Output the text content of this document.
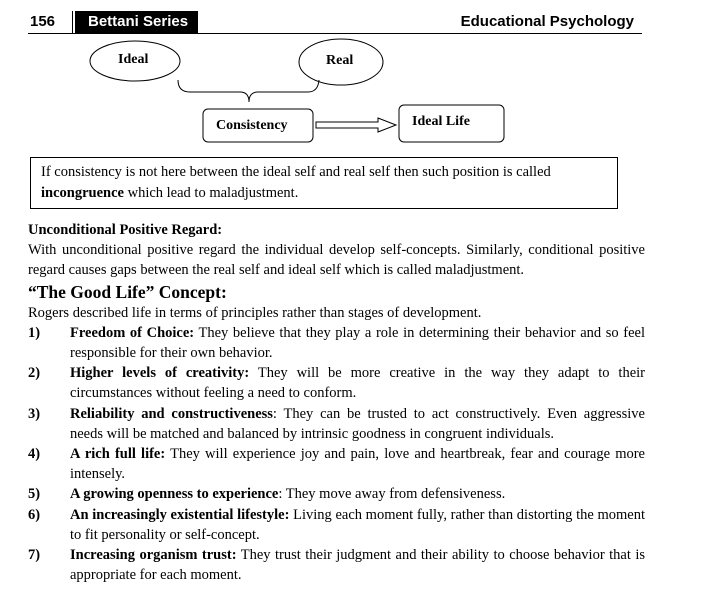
156	Bettani Series	Educational Psychology
Ideal	Real
Consistency	Ideal Life
If consistency is not here between the ideal self and real self then such position is called incongruence which lead to maladjustment.

Unconditional Positive Regard:

With unconditional positive regard the individual develop self-concepts. Similarly, conditional positive regard causes gaps between the real self and ideal self which is called maladjustment.

“The Good Life” Concept:

Rogers described life in terms of principles rather than stages of development.

1) Freedom of Choice: They believe that they play a role in determining their behavior and so feel responsible for their own behavior.
2) Higher levels of creativity: They will be more creative in the way they adapt to their circumstances without feeling a need to conform.
3) Reliability and constructiveness: They can be trusted to act constructively. Even aggressive needs will be matched and balanced by intrinsic goodness in congruent individuals.
4) A rich full life: They will experience joy and pain, love and heartbreak, fear and courage more intensely.
5) A growing openness to experience: They move away from defensiveness.
6) An increasingly existential lifestyle: Living each moment fully, rather than distorting the moment to fit personality or self-concept.
7) Increasing organism trust: They trust their judgment and their ability to choose behavior that is appropriate for each moment.
